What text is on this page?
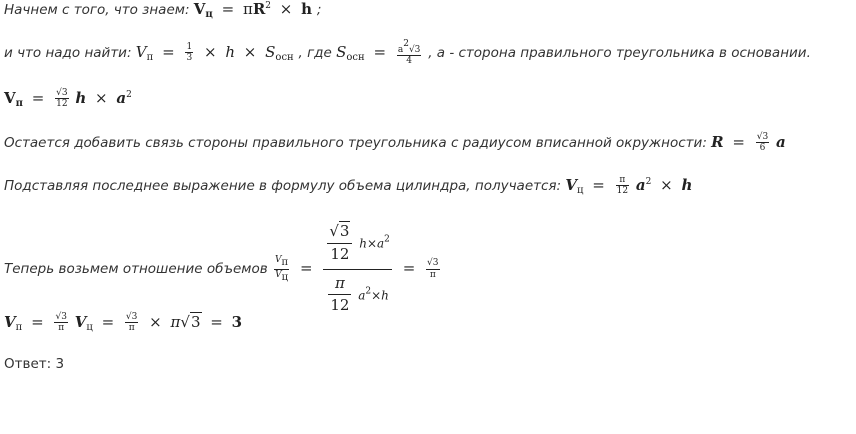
Начнем с того, что знаем: $V_ц = \pi R^2 \times h$ ;
и что надо найти: $V_п = \frac{1}{3} \times h \times S_{осн}$ , где $S_{осн} = \frac{a2√3}{4}$ , a - сторона правильного треугольника в основании.
$V_п = \frac{√3}{12}$ $h \times a^2$
Остается добавить связь стороны правильного треугольника с радиусом вписанной окружности: $R = \frac{√3}{6}$ a
Подставляя последнее выражение в формулу объема цилиндра, получается: $V_ц = \frac{\pi}{12} a^2 \times h$
Теперь возьмем отношение объемов $\frac{Vп}{Vц} = \frac{\frac{√3}{12} h\times a^2}{\frac{\pi}{12} a^2\times h} = \frac{√3}{\pi}$
$V_п = \frac{√3}{\pi} V_ц = \frac{√3}{\pi} \times \pi√3 = 3$
Ответ: 3
